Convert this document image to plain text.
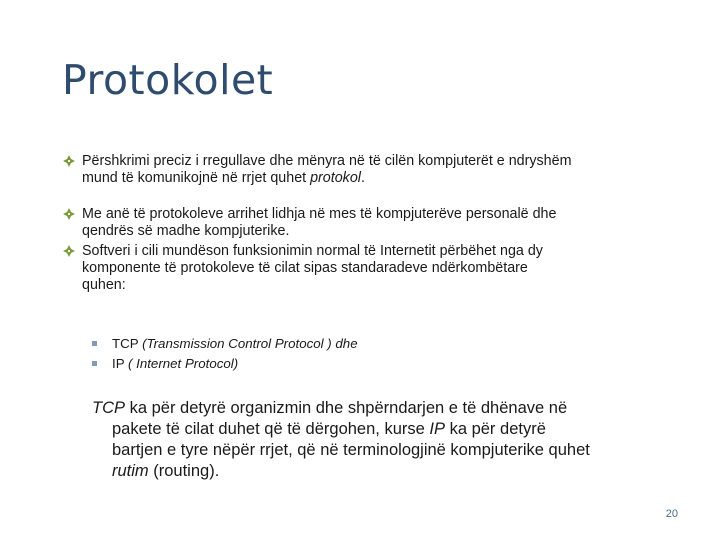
Protokolet
Përshkrimi preciz i rregullave dhe mënyra në të cilën kompjuterët e ndryshëm
mund të komunikojnë në rrjet quhet protokol.
Me anë të protokoleve arrihet lidhja në mes të kompjuterëve personalë dhe
qendrës së madhe kompjuterike.
Softveri i cili mundëson funksionimin normal të Internetit përbëhet nga dy
komponente të protokoleve të cilat sipas standaradeve ndërkombëtare
quhen:
TCP (Transmission Control Protocol ) dhe
IP ( Internet Protocol)
TCP ka për detyrë organizmin dhe shpërndarjen e të dhënave në
pakete të cilat duhet që të dërgohen, kurse IP ka për detyrë
bartjen e tyre nëpër rrjet, që në terminologjinë kompjuterike quhet
rutim (routing).
20
